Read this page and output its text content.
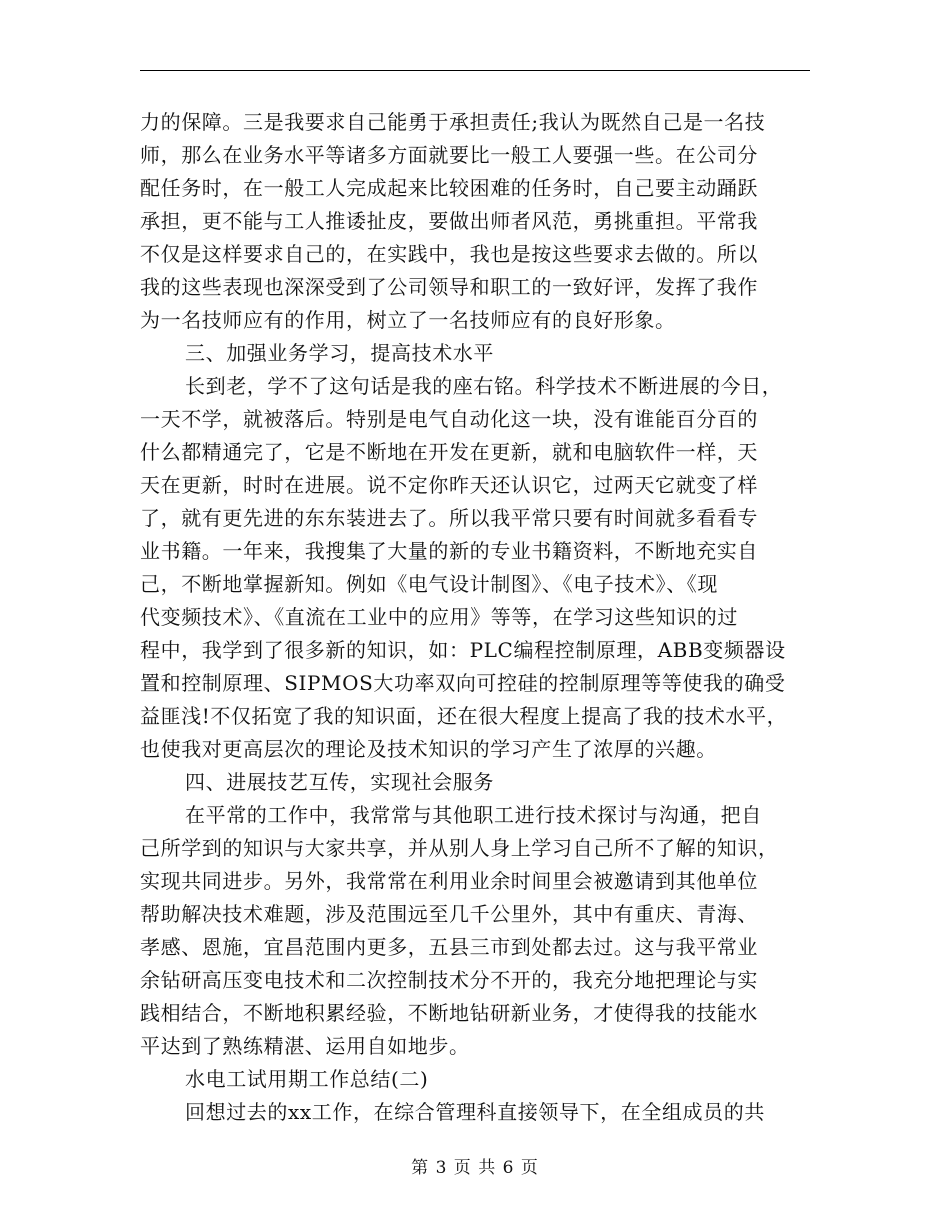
力的保障。三是我要求自己能勇于承担责任;我认为既然自己是一名技
师，那么在业务水平等诸多方面就要比一般工人要强一些。在公司分
配任务时，在一般工人完成起来比较困难的任务时，自己要主动踊跃
承担，更不能与工人推诿扯皮，要做出师者风范，勇挑重担。平常我
不仅是这样要求自己的，在实践中，我也是按这些要求去做的。所以
我的这些表现也深深受到了公司领导和职工的一致好评，发挥了我作
为一名技师应有的作用，树立了一名技师应有的良好形象。
三、加强业务学习，提高技术水平
长到老，学不了这句话是我的座右铭。科学技术不断进展的今日，
一天不学，就被落后。特别是电气自动化这一块，没有谁能百分百的
什么都精通完了，它是不断地在开发在更新，就和电脑软件一样，天
天在更新，时时在进展。说不定你昨天还认识它，过两天它就变了样
了，就有更先进的东东装进去了。所以我平常只要有时间就多看看专
业书籍。一年来，我搜集了大量的新的专业书籍资料，不断地充实自
己，不断地掌握新知。例如《电气设计制图》、《电子技术》、《现
代变频技术》、《直流在工业中的应用》等等，在学习这些知识的过
程中，我学到了很多新的知识，如：PLC编程控制原理，ABB变频器设
置和控制原理、SIPMOS大功率双向可控硅的控制原理等等使我的确受
益匪浅!不仅拓宽了我的知识面，还在很大程度上提高了我的技术水平，
也使我对更高层次的理论及技术知识的学习产生了浓厚的兴趣。
四、进展技艺互传，实现社会服务
在平常的工作中，我常常与其他职工进行技术探讨与沟通，把自
己所学到的知识与大家共享，并从别人身上学习自己所不了解的知识，
实现共同进步。另外，我常常在利用业余时间里会被邀请到其他单位
帮助解决技术难题，涉及范围远至几千公里外，其中有重庆、青海、
孝感、恩施，宜昌范围内更多，五县三市到处都去过。这与我平常业
余钻研高压变电技术和二次控制技术分不开的，我充分地把理论与实
践相结合，不断地积累经验，不断地钻研新业务，才使得我的技能水
平达到了熟练精湛、运用自如地步。
水电工试用期工作总结(二)
回想过去的xx工作，在综合管理科直接领导下，在全组成员的共
第 3 页 共 6 页
